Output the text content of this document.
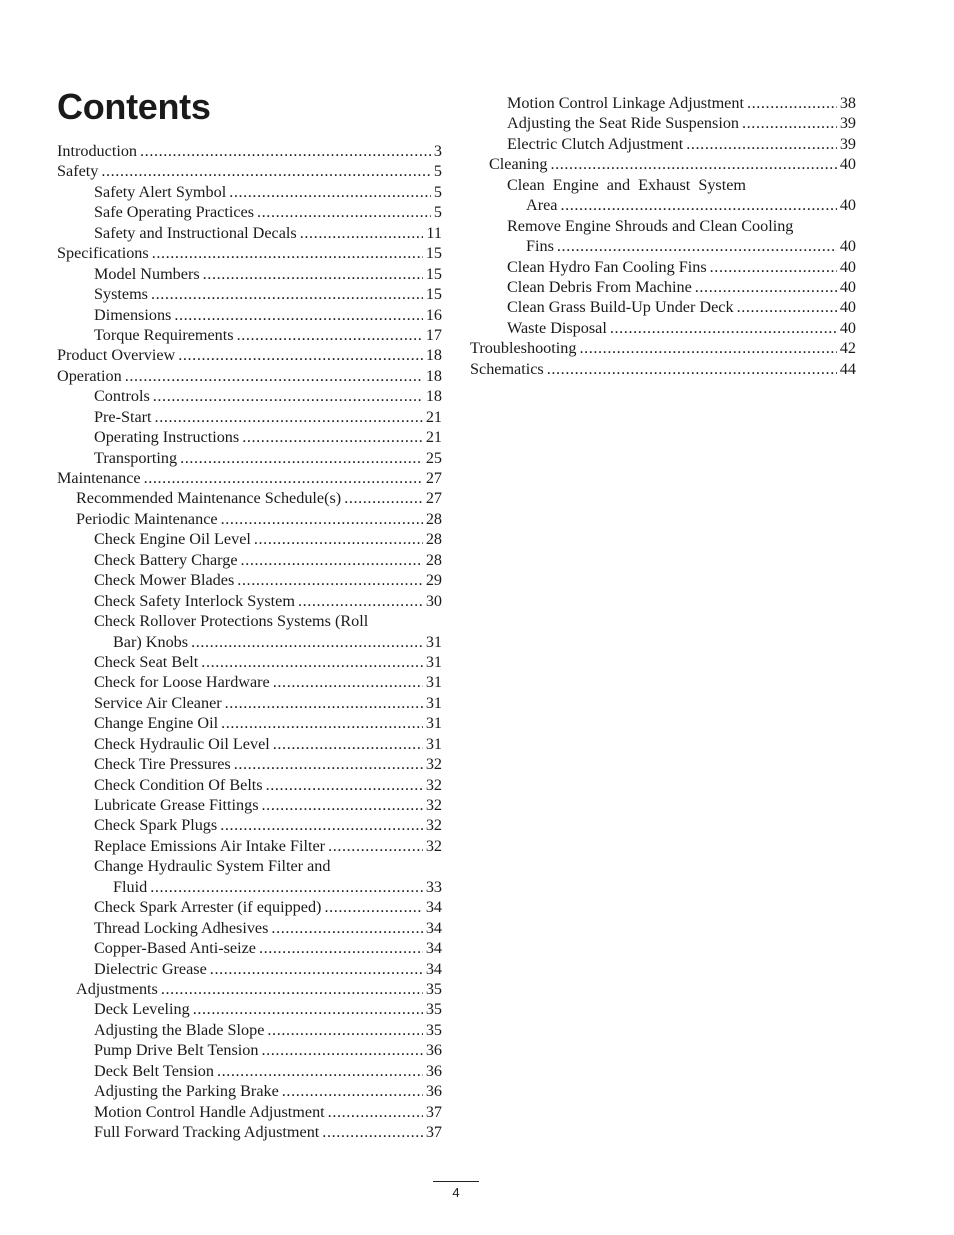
Contents
Introduction .....	3
Safety .....	5
Safety Alert Symbol .....	5
Safe Operating Practices .....	5
Safety and Instructional Decals .....	11
Specifications .....	15
Model Numbers .....	15
Systems .....	15
Dimensions .....	16
Torque Requirements .....	17
Product Overview .....	18
Operation .....	18
Controls .....	18
Pre-Start .....	21
Operating Instructions .....	21
Transporting .....	25
Maintenance .....	27
Recommended Maintenance Schedule(s) .....	27
Periodic Maintenance .....	28
Check Engine Oil Level .....	28
Check Battery Charge .....	28
Check Mower Blades .....	29
Check Safety Interlock System .....	30
Check Rollover Protections Systems (Roll
Bar) Knobs .....	31
Check Seat Belt .....	31
Check for Loose Hardware .....	31
Service Air Cleaner .....	31
Change Engine Oil .....	31
Check Hydraulic Oil Level .....	31
Check Tire Pressures .....	32
Check Condition Of Belts .....	32
Lubricate Grease Fittings .....	32
Check Spark Plugs .....	32
Replace Emissions Air Intake Filter .....	32
Change Hydraulic System Filter and
Fluid .....	33
Check Spark Arrester (if equipped) .....	34
Thread Locking Adhesives .....	34
Copper-Based Anti-seize .....	34
Dielectric Grease .....	34
Adjustments .....	35
Deck Leveling .....	35
Adjusting the Blade Slope .....	35
Pump Drive Belt Tension .....	36
Deck Belt Tension .....	36
Adjusting the Parking Brake .....	36
Motion Control Handle Adjustment .....	37
Full Forward Tracking Adjustment .....	37
Motion Control Linkage Adjustment .....	38
Adjusting the Seat Ride Suspension .....	39
Electric Clutch Adjustment .....	39
Cleaning .....	40
Clean Engine and Exhaust System
Area .....	40
Remove Engine Shrouds and Clean Cooling
Fins .....	40
Clean Hydro Fan Cooling Fins .....	40
Clean Debris From Machine .....	40
Clean Grass Build-Up Under Deck .....	40
Waste Disposal .....	40
Troubleshooting .....	42
Schematics .....	44
4
